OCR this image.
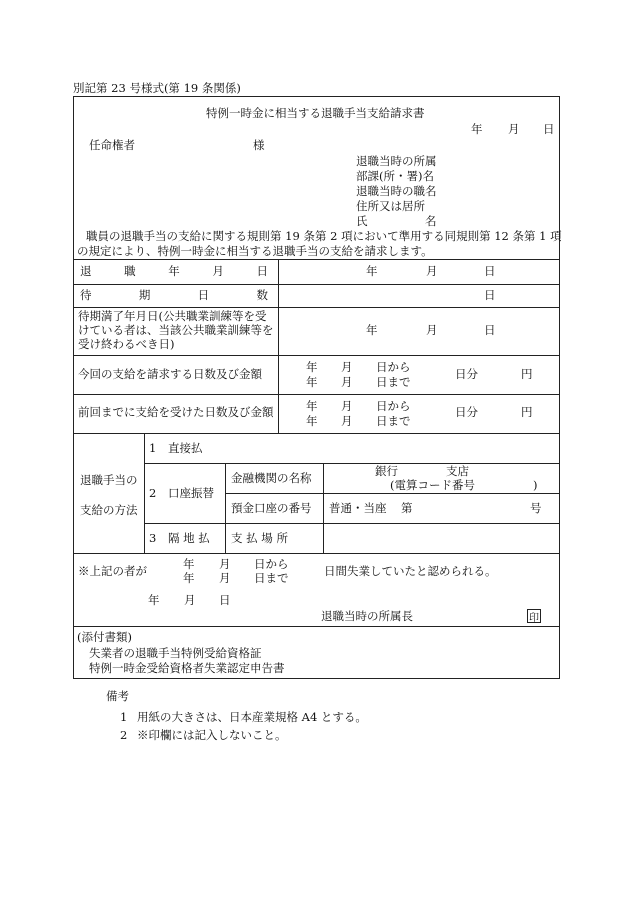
別記第 23 号様式(第 19 条関係)
特例一時金に相当する退職手当支給請求書
年 月 日
任命権者	様
退職当時の所属
部課(所・署)名
退職当時の職名
住所又は居所
氏	名
職員の退職手当の支給に関する規則第 19 条第 2 項において準用する同規則第 12 条第 1 項
の規定により、特例一時金に相当する退職手当の支給を請求します。
退	職	年	月	日	年	月	日
待	期	日	数	日
待期満了年月日(公共職業訓練等を受
けている者は、当該公共職業訓練等を
受け終わるべき日)
年	月	日
今回の支給を請求する日数及び金額	年 月 日から
年 月 日まで
日分	円
前回までに支給を受けた日数及び金額	年 月 日から
年 月 日まで
日分	円
退職手当の
支給の方法
1 直接払
2 口座振替
金融機関の名称	銀行	支店
(電算コード番号	)
預金口座の番号 普通・当座 第	号
3 隔 地 払 支 払 場 所
※上記の者が	年 月 日から
年 月 日まで	日間失業していたと認められる。
年 月 日
退職当時の所属長	印
(添付書類)
失業者の退職手当特例受給資格証
特例一時金受給資格者失業認定申告書
備考
1 用紙の大きさは、日本産業規格 A4 とする。
2 ※印欄には記入しないこと。
